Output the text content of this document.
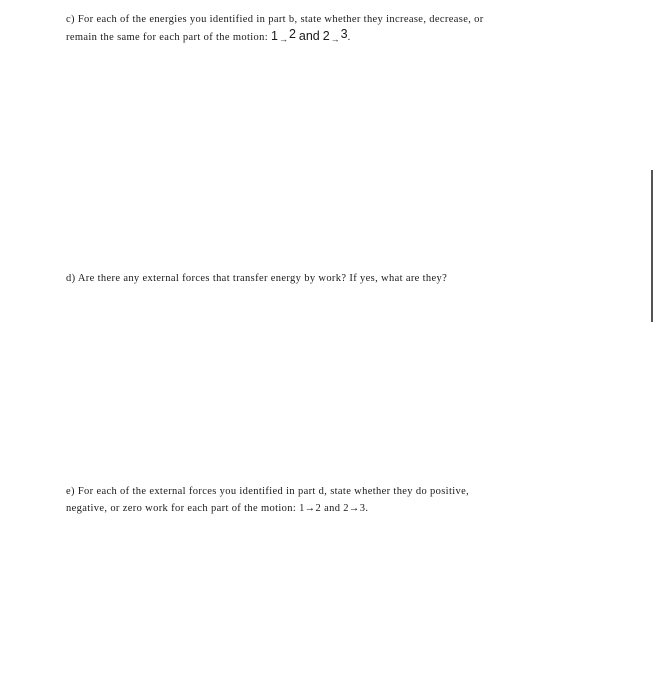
c) For each of the energies you identified in part b, state whether they increase, decrease, or
remain the same for each part of the motion: 1→2 and 2→3.
d) Are there any external forces that transfer energy by work? If yes, what are they?
e) For each of the external forces you identified in part d, state whether they do positive,
negative, or zero work for each part of the motion: 1→2 and 2→3.
